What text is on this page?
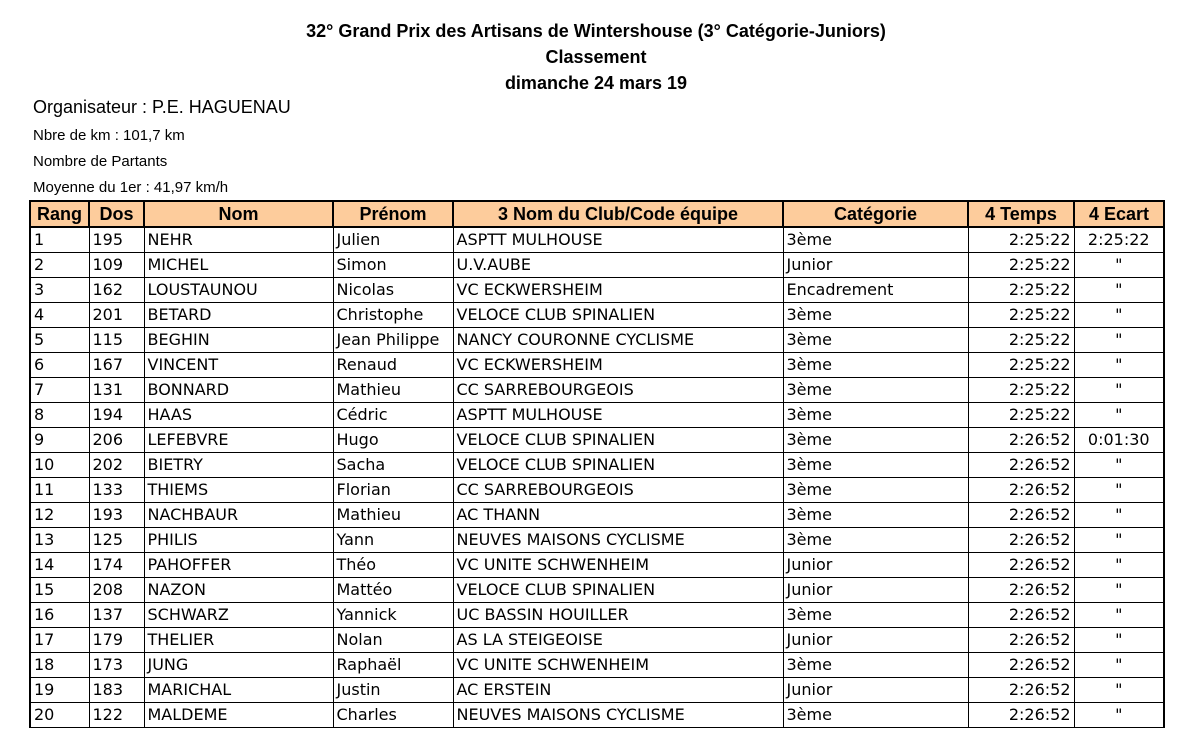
32° Grand Prix des Artisans de Wintershouse (3° Catégorie-Juniors)
Classement
dimanche 24 mars 19
Organisateur : P.E. HAGUENAU
Nbre de km : 101,7 km
Nombre de Partants
Moyenne du 1er : 41,97 km/h
Rang	Dos	Nom	Prénom	3 Nom du Club/Code équipe	Catégorie	4 Temps	4 Ecart
1	195	NEHR	Julien	ASPTT MULHOUSE	3ème	2:25:22	2:25:22
2	109	MICHEL	Simon	U.V.AUBE	Junior	2:25:22	"
3	162	LOUSTAUNOU	Nicolas	VC ECKWERSHEIM	Encadrement	2:25:22	"
4	201	BETARD	Christophe	VELOCE CLUB SPINALIEN	3ème	2:25:22	"
5	115	BEGHIN	Jean Philippe	NANCY COURONNE CYCLISME	3ème	2:25:22	"
6	167	VINCENT	Renaud	VC ECKWERSHEIM	3ème	2:25:22	"
7	131	BONNARD	Mathieu	CC SARREBOURGEOIS	3ème	2:25:22	"
8	194	HAAS	Cédric	ASPTT MULHOUSE	3ème	2:25:22	"
9	206	LEFEBVRE	Hugo	VELOCE CLUB SPINALIEN	3ème	2:26:52	0:01:30
10	202	BIETRY	Sacha	VELOCE CLUB SPINALIEN	3ème	2:26:52	"
11	133	THIEMS	Florian	CC SARREBOURGEOIS	3ème	2:26:52	"
12	193	NACHBAUR	Mathieu	AC THANN	3ème	2:26:52	"
13	125	PHILIS	Yann	NEUVES MAISONS CYCLISME	3ème	2:26:52	"
14	174	PAHOFFER	Théo	VC UNITE SCHWENHEIM	Junior	2:26:52	"
15	208	NAZON	Mattéo	VELOCE CLUB SPINALIEN	Junior	2:26:52	"
16	137	SCHWARZ	Yannick	UC BASSIN HOUILLER	3ème	2:26:52	"
17	179	THELIER	Nolan	AS LA STEIGEOISE	Junior	2:26:52	"
18	173	JUNG	Raphaël	VC UNITE SCHWENHEIM	3ème	2:26:52	"
19	183	MARICHAL	Justin	AC ERSTEIN	Junior	2:26:52	"
20	122	MALDEME	Charles	NEUVES MAISONS CYCLISME	3ème	2:26:52	"
